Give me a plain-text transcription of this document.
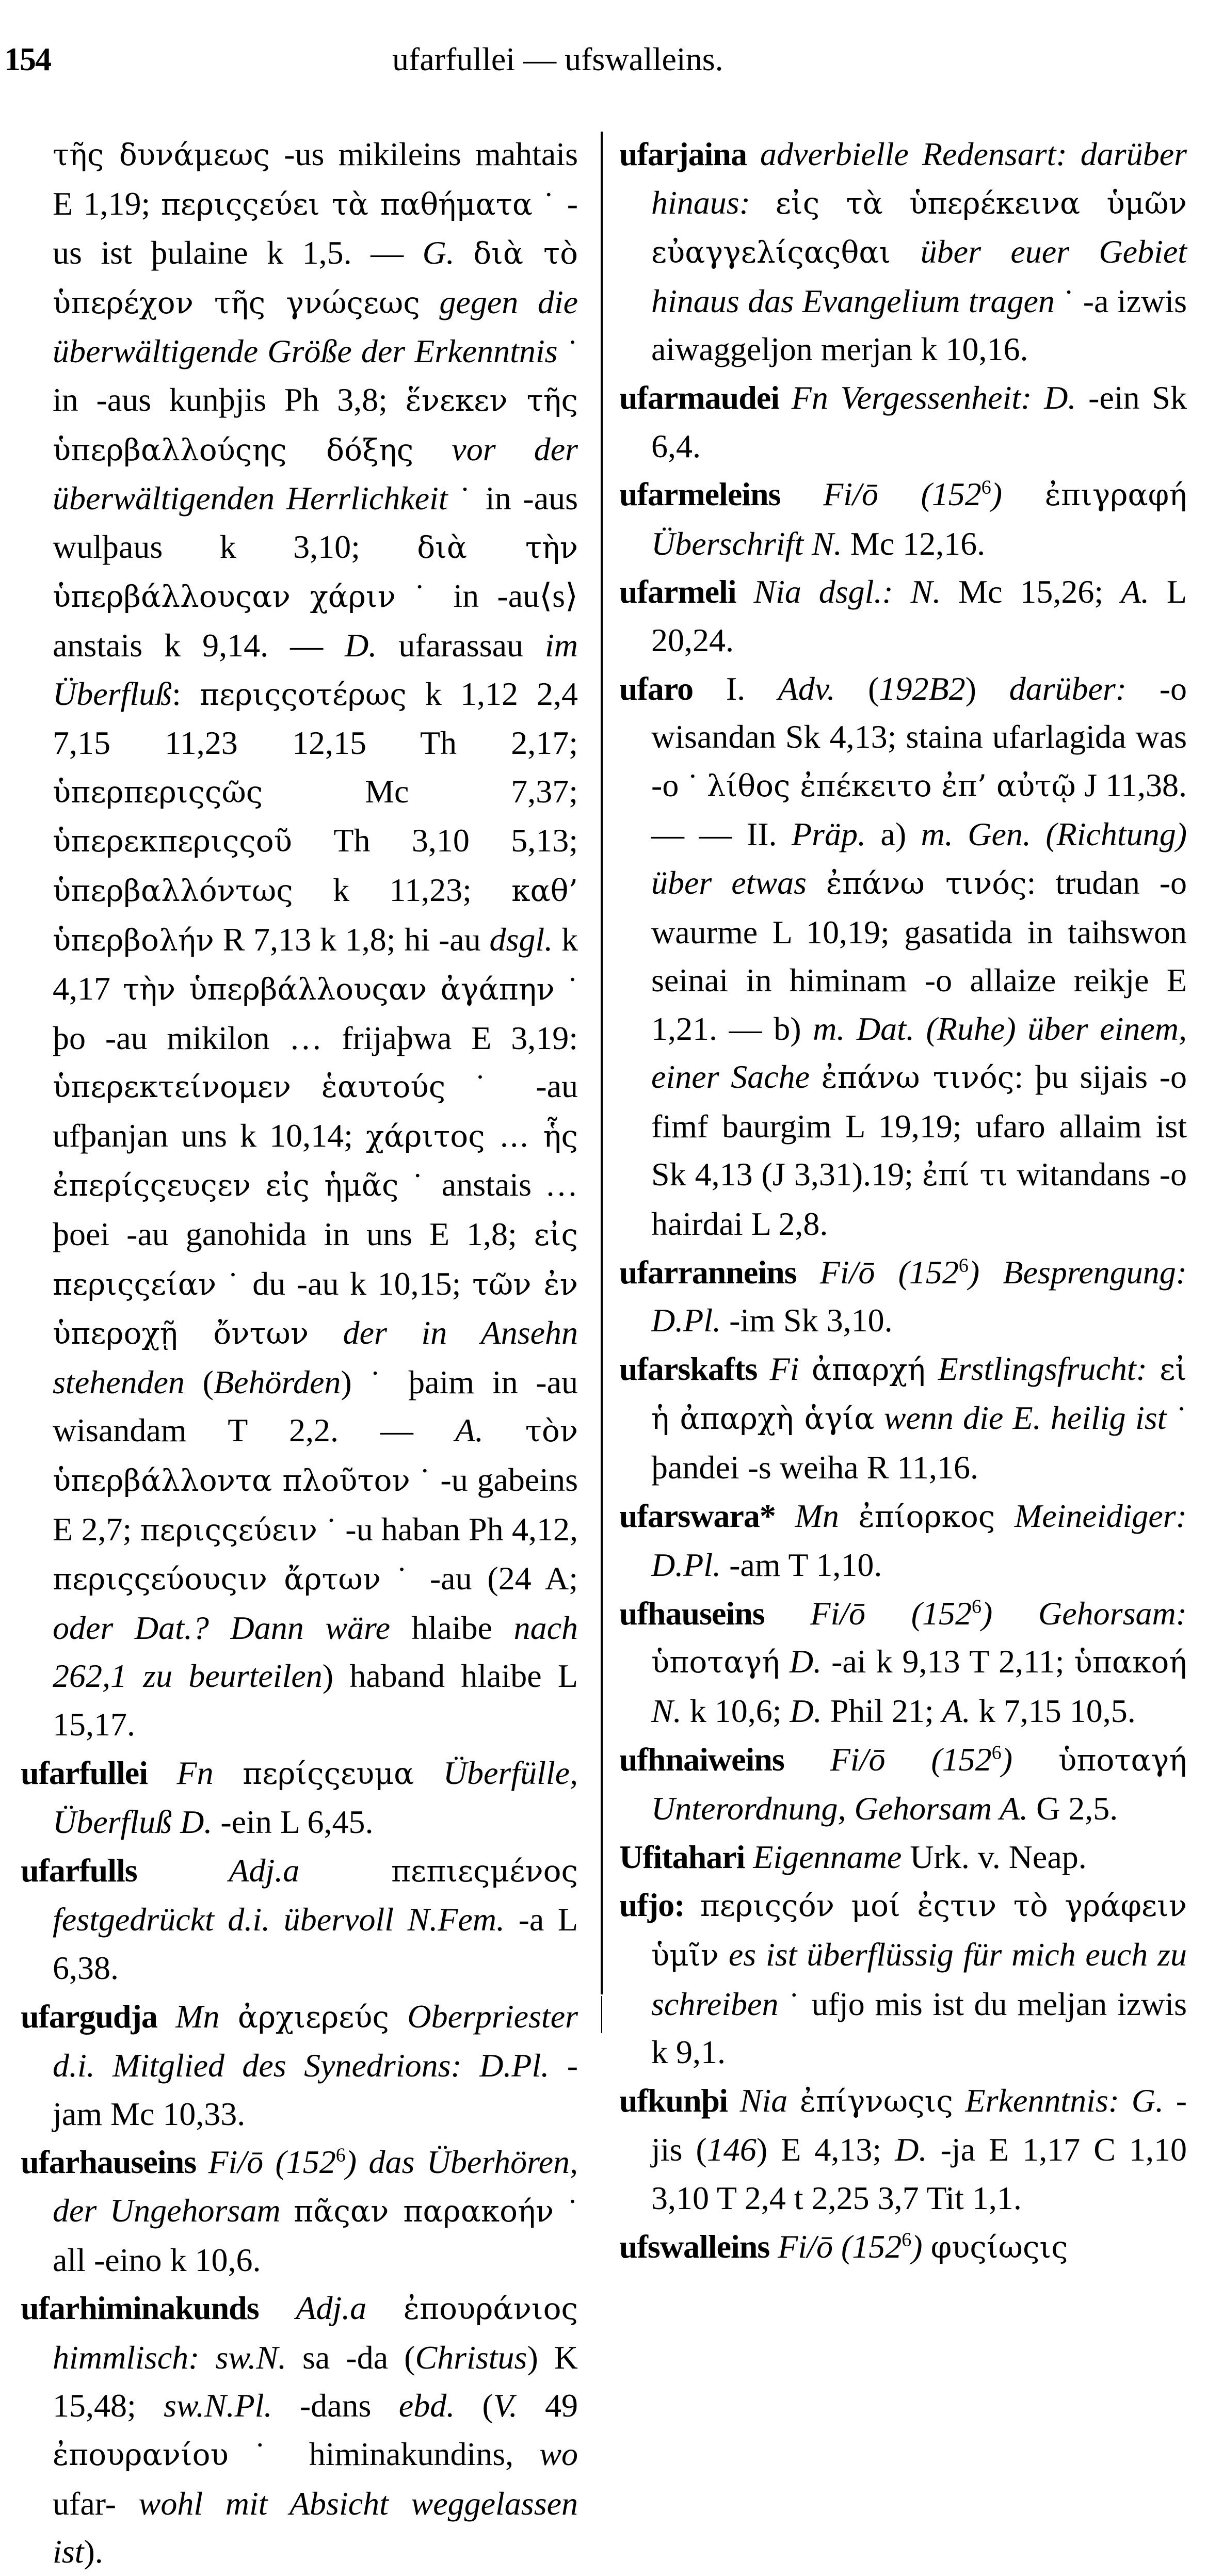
154	ufarfullei — ufswalleins.

τῆς δυνάμεως -us mikileins mahtais E 1,19; περιςςεύει τὰ παθήματα ˙ -us ist þulaine k 1,5. — G. διὰ τὸ ὑπερέχον τῆς γνώςεως gegen die überwältigende Größe der Erkenntnis ˙ in -aus kunþjis Ph 3,8; ἕνεκεν τῆς ὑπερβαλλούςης δόξης vor der überwältigenden Herrlichkeit ˙ in -aus wulþaus k 3,10; διὰ τὴν ὑπερβάλλουςαν χάριν ˙ in -au⟨s⟩ anstais k 9,14. — D. ufarassau im Überfluß: περιςςοτέρως k 1,12 2,4 7,15 11,23 12,15 Th 2,17; ὑπερπεριςςῶς Mc 7,37; ὑπερεκπεριςςοῦ Th 3,10 5,13; ὑπερβαλλόντως k 11,23; καθ’ ὑπερβολήν R 7,13 k 1,8; hi -au dsgl. k 4,17 τὴν ὑπερβάλλουςαν ἀγάπην ˙ þo -au mikilon … frijaþwa E 3,19: ὑπερεκτείνομεν ἑαυτούς ˙ -au ufþanjan uns k 10,14; χάριτος … ἧς ἐπερίςςευςεν εἰς ἡμᾶς ˙ anstais … þoei -au ganohida in uns E 1,8; εἰς περιςςείαν ˙ du -au k 10,15; τῶν ἐν ὑπεροχῇ ὄντων der in Ansehn stehenden (Behörden) ˙ þaim in -au wisandam T 2,2. — A. τὸν ὑπερβάλλοντα πλοῦτον ˙ -u gabeins E 2,7; περιςςεύειν ˙ -u haban Ph 4,12, περιςςεύουςιν ἄρτων ˙ -au (24 A; oder Dat.? Dann wäre hlaibe nach 262,1 zu beurteilen) haband hlaibe L 15,17.

ufarfullei Fn περίςςευμα Überfülle, Überfluß D. -ein L 6,45.

ufarfulls	Adj.a	πεπιεςμένος festgedrückt d.i. übervoll N.Fem. -a L 6,38.

ufargudja Mn ἀρχιερεύς Oberpriester d.i. Mitglied des Synedrions: D.Pl. -jam Mc 10,33.

ufarhauseins Fi/ō $(152^6)$ das Überhören, der Ungehorsam πᾶςαν παρακοήν ˙ all -eino k 10,6.

ufarhiminakunds Adj.a ἐπουράνιος himmlisch: sw.N. sa -da (Christus) K 15,48; sw.N.Pl. -dans ebd. (V. 49 ἐπουρανίου ˙ himinakundins, wo ufar- wohl mit Absicht weggelassen ist).

ufarjaina adverbielle Redensart: darüber hinaus: εἰς τὰ ὑπερέκεινα ὑμῶν εὐαγγελίςαςθαι über euer Gebiet hinaus das Evangelium tragen ˙ -a izwis aiwaggeljon merjan k 10,16.

ufarmaudei Fn Vergessenheit: D. -ein Sk 6,4.

ufarmeleins Fi/ō $(152^6)$ ἐπιγραφή Überschrift N. Mc 12,16.

ufarmeli Nia dsgl.: N. Mc 15,26; A. L 20,24.

ufaro I. Adv. (192B2) darüber: -o wisandan Sk 4,13; staina ufarlagida was -o ˙ λίθος ἐπέκειτο ἐπ’ αὐτῷ J 11,38. — — II. Präp. a) m. Gen. (Richtung) über etwas ἐπάνω τινός: trudan -o waurme L 10,19; gasatida in taihswon seinai in himinam -o allaize reikje E 1,21. — b) m. Dat. (Ruhe) über einem, einer Sache ἐπάνω τινός: þu sijais -o fimf baurgim L 19,19; ufaro allaim ist Sk 4,13 (J 3,31).19; ἐπί τι witandans -o hairdai L 2,8.

ufarranneins Fi/ō $(152^6)$ Besprengung: D.Pl. -im Sk 3,10.

ufarskafts Fi ἀπαρχή Erstlingsfrucht: εἰ ἡ ἀπαρχὴ ἁγία wenn die E. heilig ist ˙ þandei -s weiha R 11,16.

ufarswara* Mn ἐπίορκος Meineidiger: D.Pl. -am T 1,10.

ufhauseins Fi/ō $(152^6)$ Gehorsam: ὑποταγή D. -ai k 9,13 T 2,11; ὑπακοή N. k 10,6; D. Phil 21; A. k 7,15 10,5.

ufhnaiweins Fi/ō $(152^6)$ ὑποταγή Unterordnung, Gehorsam A. G 2,5.

Ufitahari Eigenname Urk. v. Neap.

ufjo: περιςςόν μοί ἐςτιν τὸ γράφειν ὑμῖν es ist überflüssig für mich euch zu schreiben ˙ ufjo mis ist du meljan izwis k 9,1.

ufkunþi Nia ἐπίγνωςις Erkenntnis: G. -jis (146) E 4,13; D. -ja E 1,17 C 1,10 3,10 T 2,4 t 2,25 3,7 Tit 1,1.

ufswalleins Fi/ō $(152^6)$ φυςίωςις
